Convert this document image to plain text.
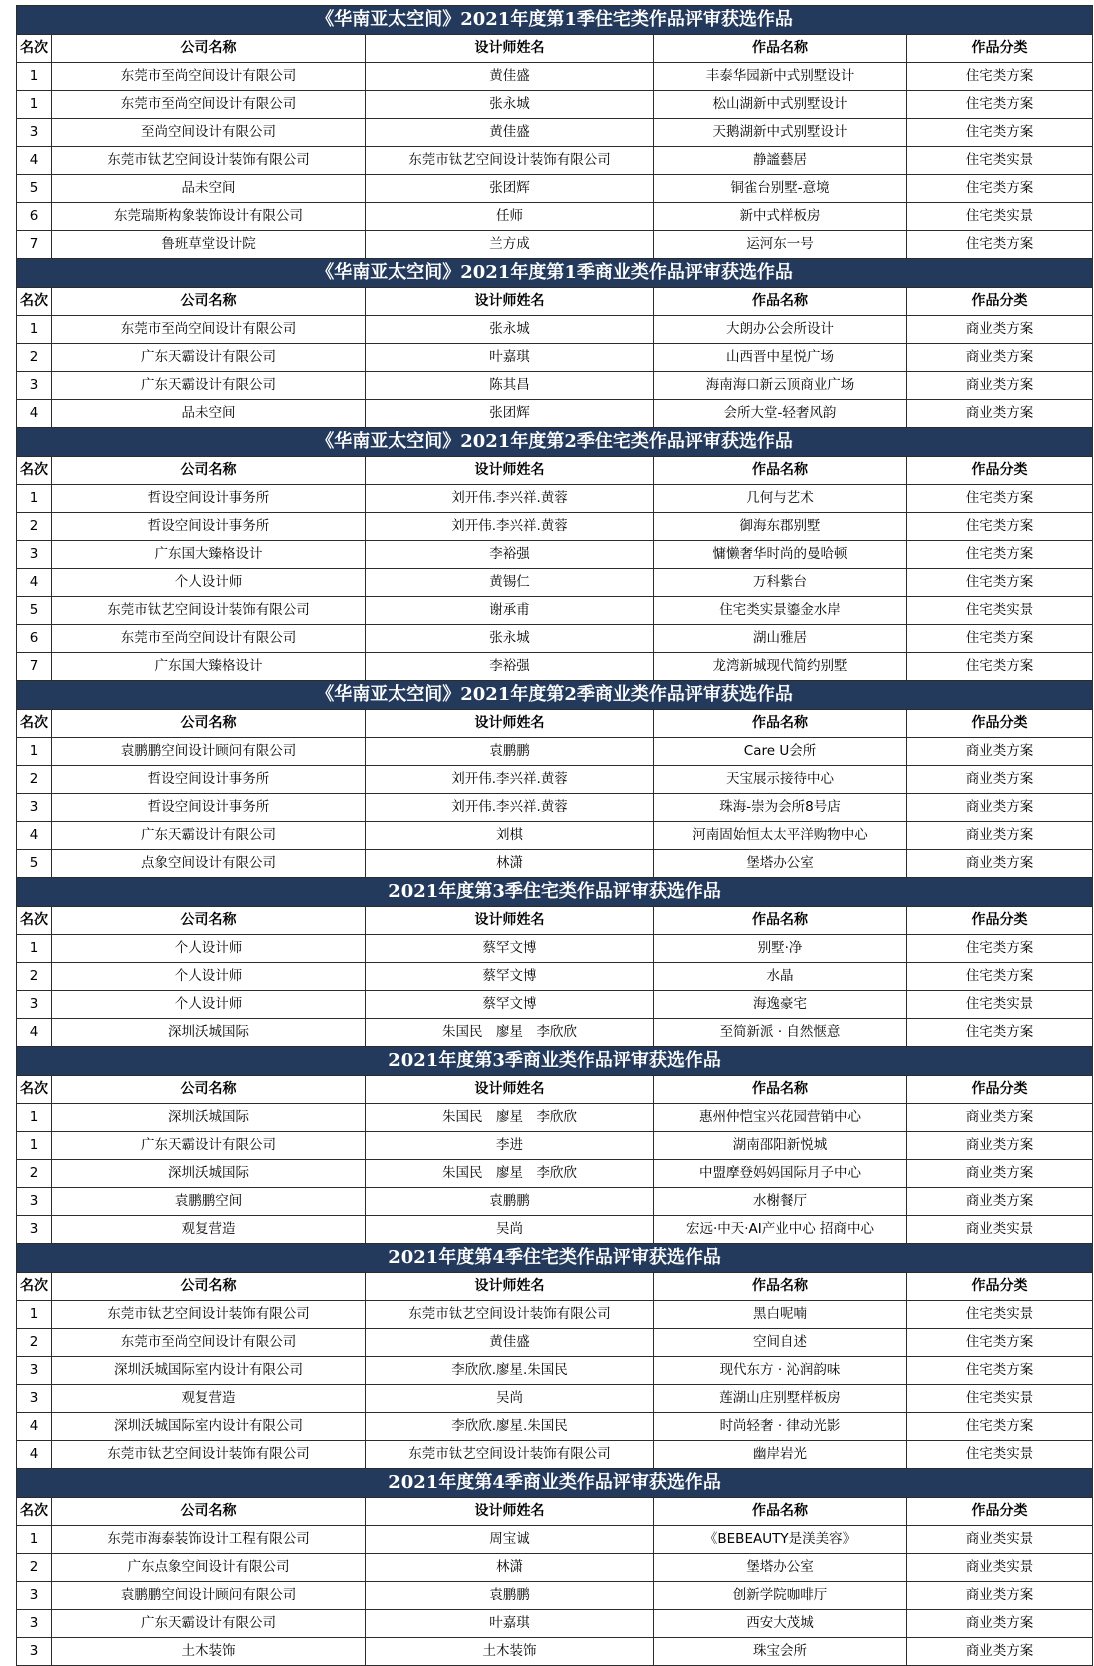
《华南亚太空间》2021年度第1季住宅类作品评审获选作品				
名次	公司名称	设计师姓名	作品名称	作品分类
1	东莞市至尚空间设计有限公司	黄佳盛	丰泰华园新中式别墅设计	住宅类方案
1	东莞市至尚空间设计有限公司	张永城	松山湖新中式别墅设计	住宅类方案
3	至尚空间设计有限公司	黄佳盛	天鹅湖新中式别墅设计	住宅类方案
4	东莞市钛艺空间设计装饰有限公司	东莞市钛艺空间设计装饰有限公司	静謐藝居	住宅类实景
5	品未空间	张团辉	铜雀台别墅-意境	住宅类方案
6	东莞瑞斯构象装饰设计有限公司	任师	新中式样板房	住宅类实景
7	鲁班草堂设计院	兰方成	运河东一号	住宅类方案
《华南亚太空间》2021年度第1季商业类作品评审获选作品				
名次	公司名称	设计师姓名	作品名称	作品分类
1	东莞市至尚空间设计有限公司	张永城	大朗办公会所设计	商业类方案
2	广东天霸设计有限公司	叶嘉琪	山西晋中星悦广场	商业类方案
3	广东天霸设计有限公司	陈其昌	海南海口新云顶商业广场	商业类方案
4	品未空间	张团辉	会所大堂-轻奢风韵	商业类方案
《华南亚太空间》2021年度第2季住宅类作品评审获选作品				
名次	公司名称	设计师姓名	作品名称	作品分类
1	哲设空间设计事务所	刘开伟.李兴祥.黄蓉	几何与艺术	住宅类方案
2	哲设空间设计事务所	刘开伟.李兴祥.黄蓉	御海东郡别墅	住宅类方案
3	广东国大臻格设计	李裕强	慵懒奢华时尚的曼哈顿	住宅类方案
4	个人设计师	黄锡仁	万科紫台	住宅类方案
5	东莞市钛艺空间设计装饰有限公司	谢承甫	住宅类实景鎏金水岸	住宅类实景
6	东莞市至尚空间设计有限公司	张永城	湖山雅居	住宅类方案
7	广东国大臻格设计	李裕强	龙湾新城现代简约别墅	住宅类方案
《华南亚太空间》2021年度第2季商业类作品评审获选作品				
名次	公司名称	设计师姓名	作品名称	作品分类
1	袁鹏鹏空间设计顾问有限公司	袁鹏鹏	Care U会所	商业类方案
2	哲设空间设计事务所	刘开伟.李兴祥.黄蓉	天宝展示接待中心	商业类方案
3	哲设空间设计事务所	刘开伟.李兴祥.黄蓉	珠海-崇为会所8号店	商业类方案
4	广东天霸设计有限公司	刘棋	河南固始恒太太平洋购物中心	商业类方案
5	点象空间设计有限公司	林潇	堡塔办公室	商业类方案
2021年度第3季住宅类作品评审获选作品				
名次	公司名称	设计师姓名	作品名称	作品分类
1	个人设计师	蔡罕文博	别墅·净	住宅类方案
2	个人设计师	蔡罕文博	水晶	住宅类方案
3	个人设计师	蔡罕文博	海逸豪宅	住宅类实景
4	深圳沃城国际	朱国民　廖星　李欣欣	至简新派 · 自然惬意	住宅类方案
2021年度第3季商业类作品评审获选作品				
名次	公司名称	设计师姓名	作品名称	作品分类
1	深圳沃城国际	朱国民　廖星　李欣欣	惠州仲恺宝兴花园营销中心	商业类方案
1	广东天霸设计有限公司	李进	湖南邵阳新悦城	商业类方案
2	深圳沃城国际	朱国民　廖星　李欣欣	中盟摩登妈妈国际月子中心	商业类方案
3	袁鹏鹏空间	袁鹏鹏	水榭餐厅	商业类方案
3	观复营造	吴尚	宏远·中天·AI产业中心 招商中心	商业类实景
2021年度第4季住宅类作品评审获选作品				
名次	公司名称	设计师姓名	作品名称	作品分类
1	东莞市钛艺空间设计装饰有限公司	东莞市钛艺空间设计装饰有限公司	黑白呢喃	住宅类实景
2	东莞市至尚空间设计有限公司	黄佳盛	空间自述	住宅类方案
3	深圳沃城国际室内设计有限公司	李欣欣.廖星.朱国民	现代东方 · 沁润韵味	住宅类方案
3	观复营造	吴尚	莲湖山庄别墅样板房	住宅类实景
4	深圳沃城国际室内设计有限公司	李欣欣.廖星.朱国民	时尚轻奢 · 律动光影	住宅类方案
4	东莞市钛艺空间设计装饰有限公司	东莞市钛艺空间设计装饰有限公司	幽岸岩光	住宅类实景
2021年度第4季商业类作品评审获选作品				
名次	公司名称	设计师姓名	作品名称	作品分类
1	东莞市海泰装饰设计工程有限公司	周宝诚	《BEBEAUTY是渼美容》	商业类实景
2	广东点象空间设计有限公司	林潇	堡塔办公室	商业类实景
3	袁鹏鹏空间设计顾问有限公司	袁鹏鹏	创新学院咖啡厅	商业类方案
3	广东天霸设计有限公司	叶嘉琪	西安大茂城	商业类方案
3	土木装饰	土木装饰	珠宝会所	商业类方案
